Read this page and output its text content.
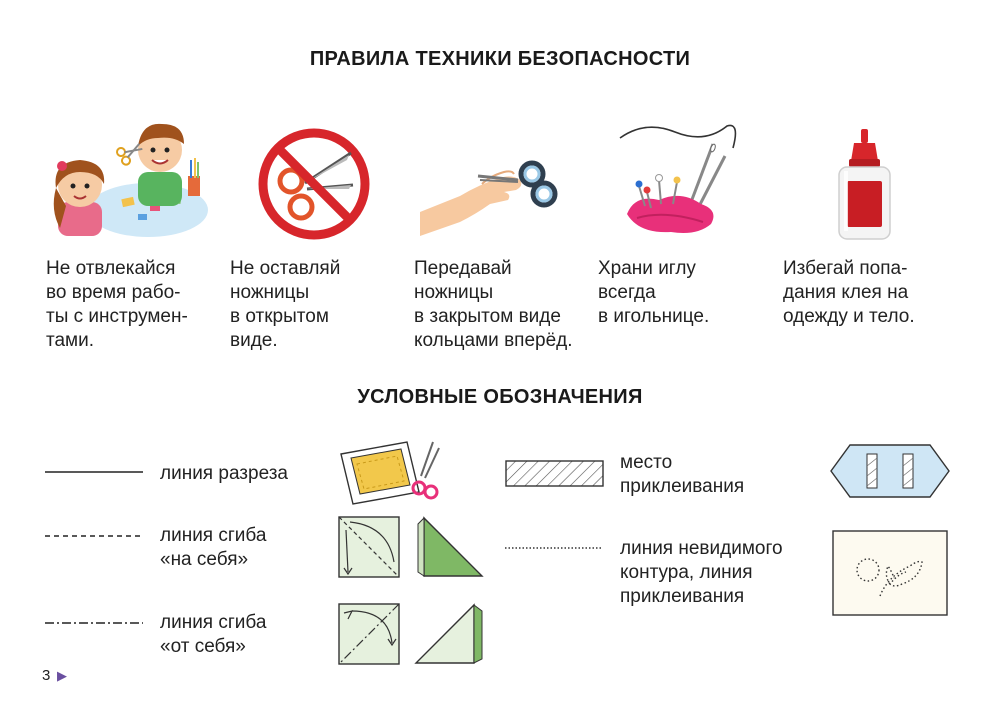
ПРАВИЛА ТЕХНИКИ БЕЗОПАСНОСТИ
Не отвлекайся
во время рабо-
ты с инструмен-
тами.
Не оставляй
ножницы
в открытом
виде.
Передавай
ножницы
в закрытом виде
кольцами вперёд.
Храни иглу
всегда
в игольнице.
Избегай попа-
дания клея на
одежду и тело.
УСЛОВНЫЕ ОБОЗНАЧЕНИЯ
линия разреза
линия сгиба
«на себя»
линия сгиба
«от себя»
место
приклеивания
линия невидимого
контура, линия
приклеивания
3 ▶
